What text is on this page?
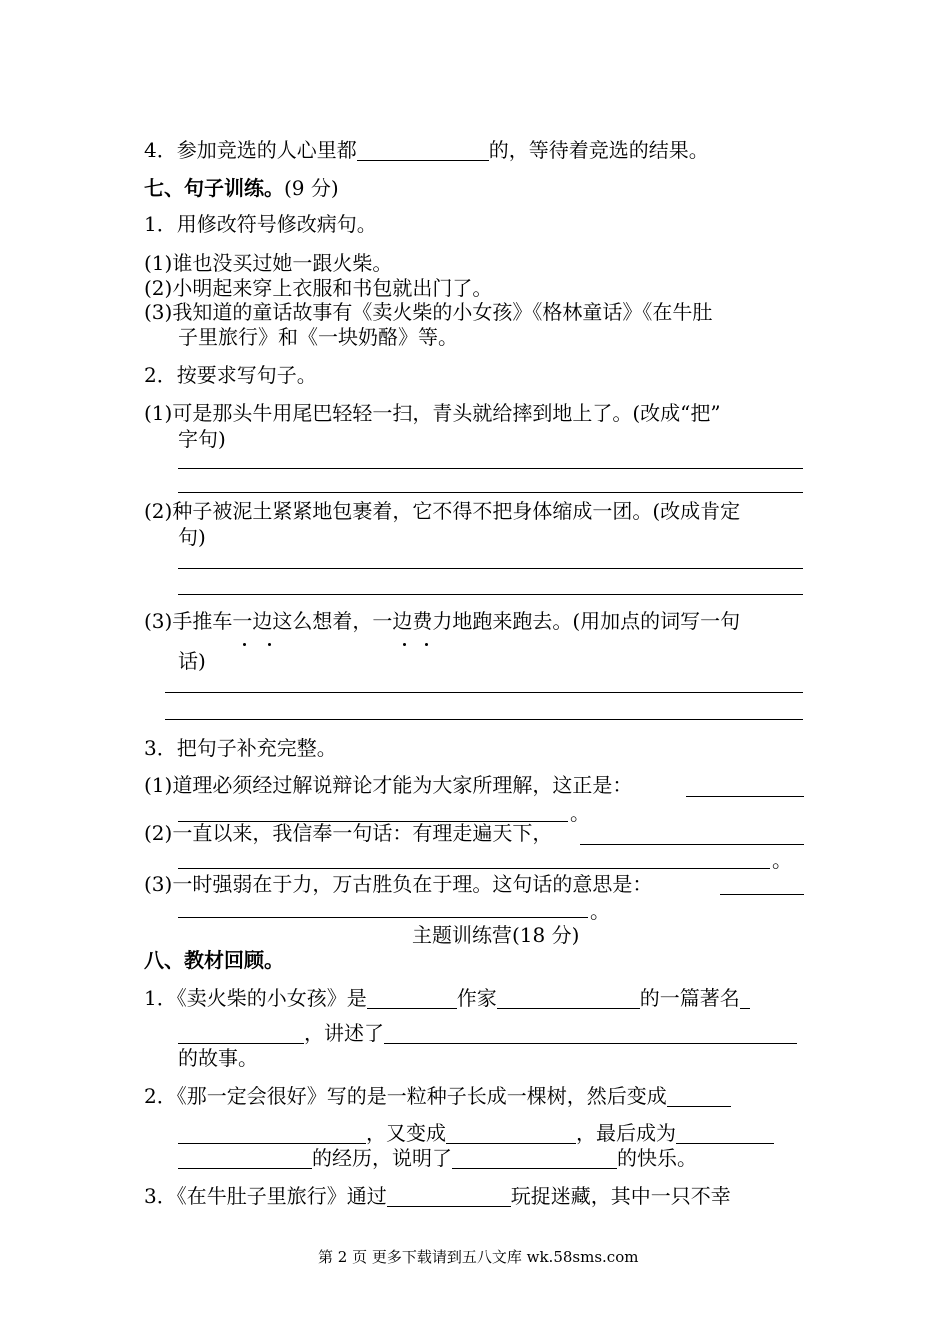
4．参加竞选的人心里都	的，等待着竞选的结果。
七、句子训练。(9 分)
1．用修改符号修改病句。
(1)谁也没买过她一跟火柴。
(2)小明起来穿上衣服和书包就出门了。
(3)我知道的童话故事有《卖火柴的小女孩》《格林童话》《在牛肚
子里旅行》和《一块奶酪》等。
2．按要求写句子。
(1)可是那头牛用尾巴轻轻一扫，青头就给摔到地上了。(改成“把”
字句)
(2)种子被泥土紧紧地包裹着，它不得不把身体缩成一团。(改成肯定
句)
(3)手推车一边这么想着，一边费力地跑来跑去。(用加点的词写一句
话)
3．把句子补充完整。
(1)道理必须经过解说辩论才能为大家所理解，这正是：
。
(2)一直以来，我信奉一句话：有理走遍天下，
。
(3)一时强弱在于力，万古胜负在于理。这句话的意思是：
。
主题训练营(18 分)
八、教材回顾。
1．《卖火柴的小女孩》是	作家	的一篇著名
，讲述了
的故事。
2．《那一定会很好》写的是一粒种子长成一棵树，然后变成
，又变成	，最后成为
的经历，说明了	的快乐。
3．《在牛肚子里旅行》通过	玩捉迷藏，其中一只不幸
第 2 页 更多下载请到五八文库 wk.58sms.com
